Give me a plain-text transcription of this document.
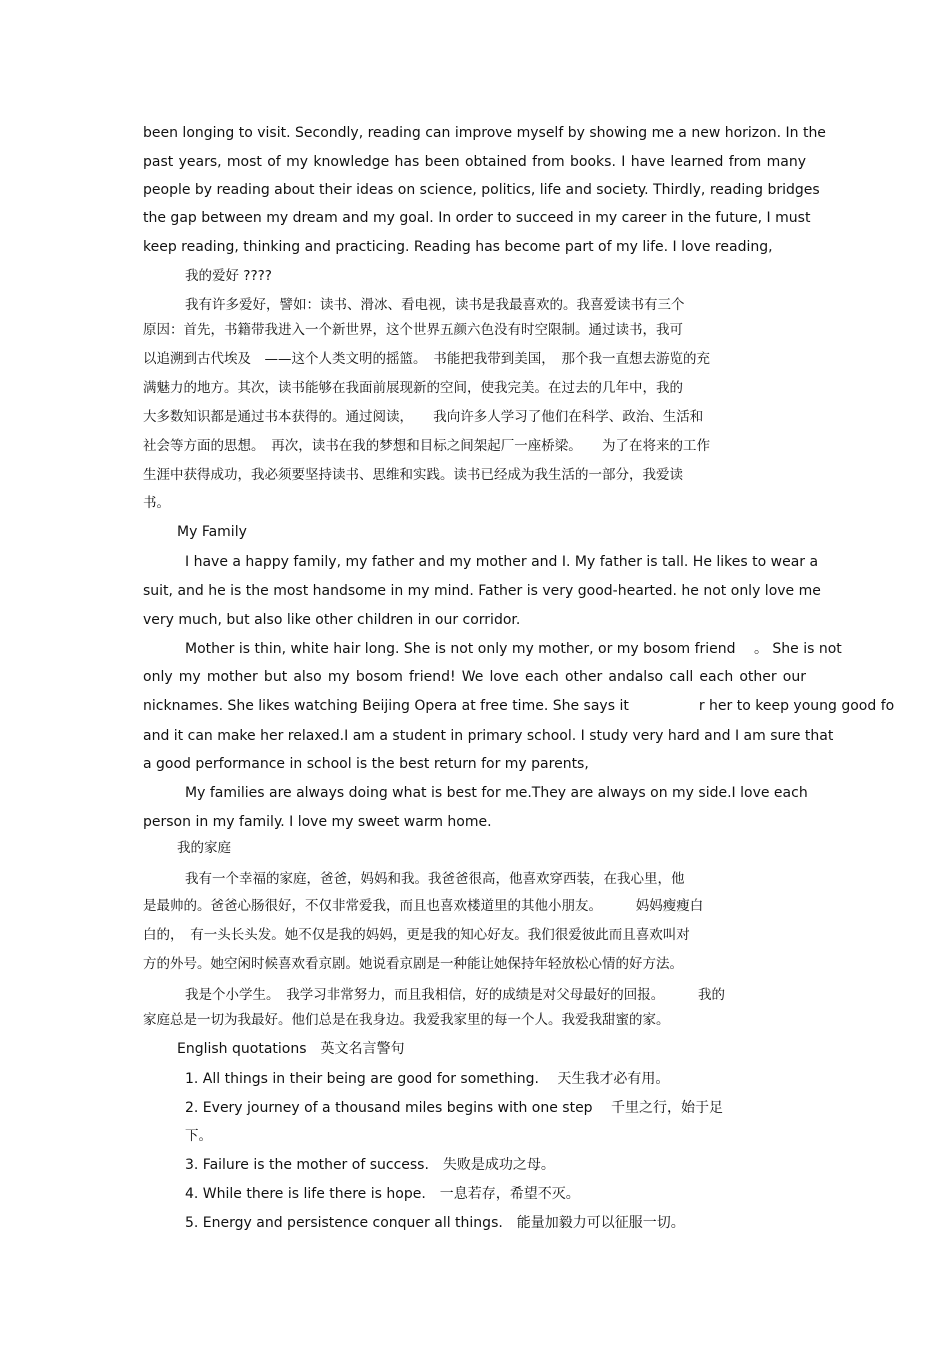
been longing to visit. Secondly, reading can improve myself by showing me a new horizon. In the
past years, most of my knowledge has been obtained from books. I have learned from many
people by reading about their ideas on science, politics, life and society. Thirdly, reading bridges
the gap between my dream and my goal. In order to succeed in my career in the future, I must
keep reading, thinking and practicing. Reading has become part of my life. I love reading,
我的爱好 ????
我有许多爱好，譬如：读书、滑冰、看电视，读书是我最喜欢的。我喜爱读书有三个
原因：首先，书籍带我进入一个新世界，这个世界五颜六色没有时空限制。通过读书，我可
以追溯到古代埃及　——这个人类文明的摇篮。　书能把我带到美国，　那个我一直想去游览的充
满魅力的地方。其次，读书能够在我面前展现新的空间，使我完美。在过去的几年中，我的
大多数知识都是通过书本获得的。通过阅读，　　我向许多人学习了他们在科学、政治、生活和
社会等方面的思想。　再次，读书在我的梦想和目标之间架起厂一座桥梁。　　为了在将来的工作
生涯中获得成功，我必须要坚持读书、思维和实践。读书已经成为我生活的一部分，我爱读
书。
My Family
I have a happy family, my father and my mother and I. My father is tall. He likes to wear a
suit, and he is the most handsome in my mind. Father is very good-hearted. he not only love me
very much, but also like other children in our corridor.
Mother is thin, white hair long. She is not only my mother, or my bosom friend　 。 She is not
only my mother but also my bosom friend! We love each other andalso call each other our
nicknames. She likes watching Beijing Opera at free time. She says it　　　　　r her to keep young good fo
and it can make her relaxed.I am a student in primary school. I study very hard and I am sure that
a good performance in school is the best return for my parents,
My families are always doing what is best for me.They are always on my side.I love each
person in my family. I love my sweet warm home.
我的家庭
我有一个幸福的家庭，爸爸，妈妈和我。我爸爸很高，他喜欢穿西装，在我心里，他
是最帅的。爸爸心肠很好，不仅非常爱我，而且也喜欢楼道里的其他小朋友。　　　妈妈瘦瘦白
白的，　有一头长头发。她不仅是我的妈妈，更是我的知心好友。我们很爱彼此而且喜欢叫对
方的外号。她空闲时候喜欢看京剧。她说看京剧是一种能让她保持年轻放松心情的好方法。
我是个小学生。　我学习非常努力，而且我相信，好的成绩是对父母最好的回报。　　　我的
家庭总是一切为我最好。他们总是在我身边。我爱我家里的每一个人。我爱我甜蜜的家。
English quotations　英文名言警句
1. All things in their being are good for something.　 天生我才必有用。
2. Every journey of a thousand miles begins with one step　 千里之行，始于足
下。
3. Failure is the mother of success.　失败是成功之母。
4. While there is life there is hope.　一息若存，希望不灭。
5. Energy and persistence conquer all things.　能量加毅力可以征服一切。
